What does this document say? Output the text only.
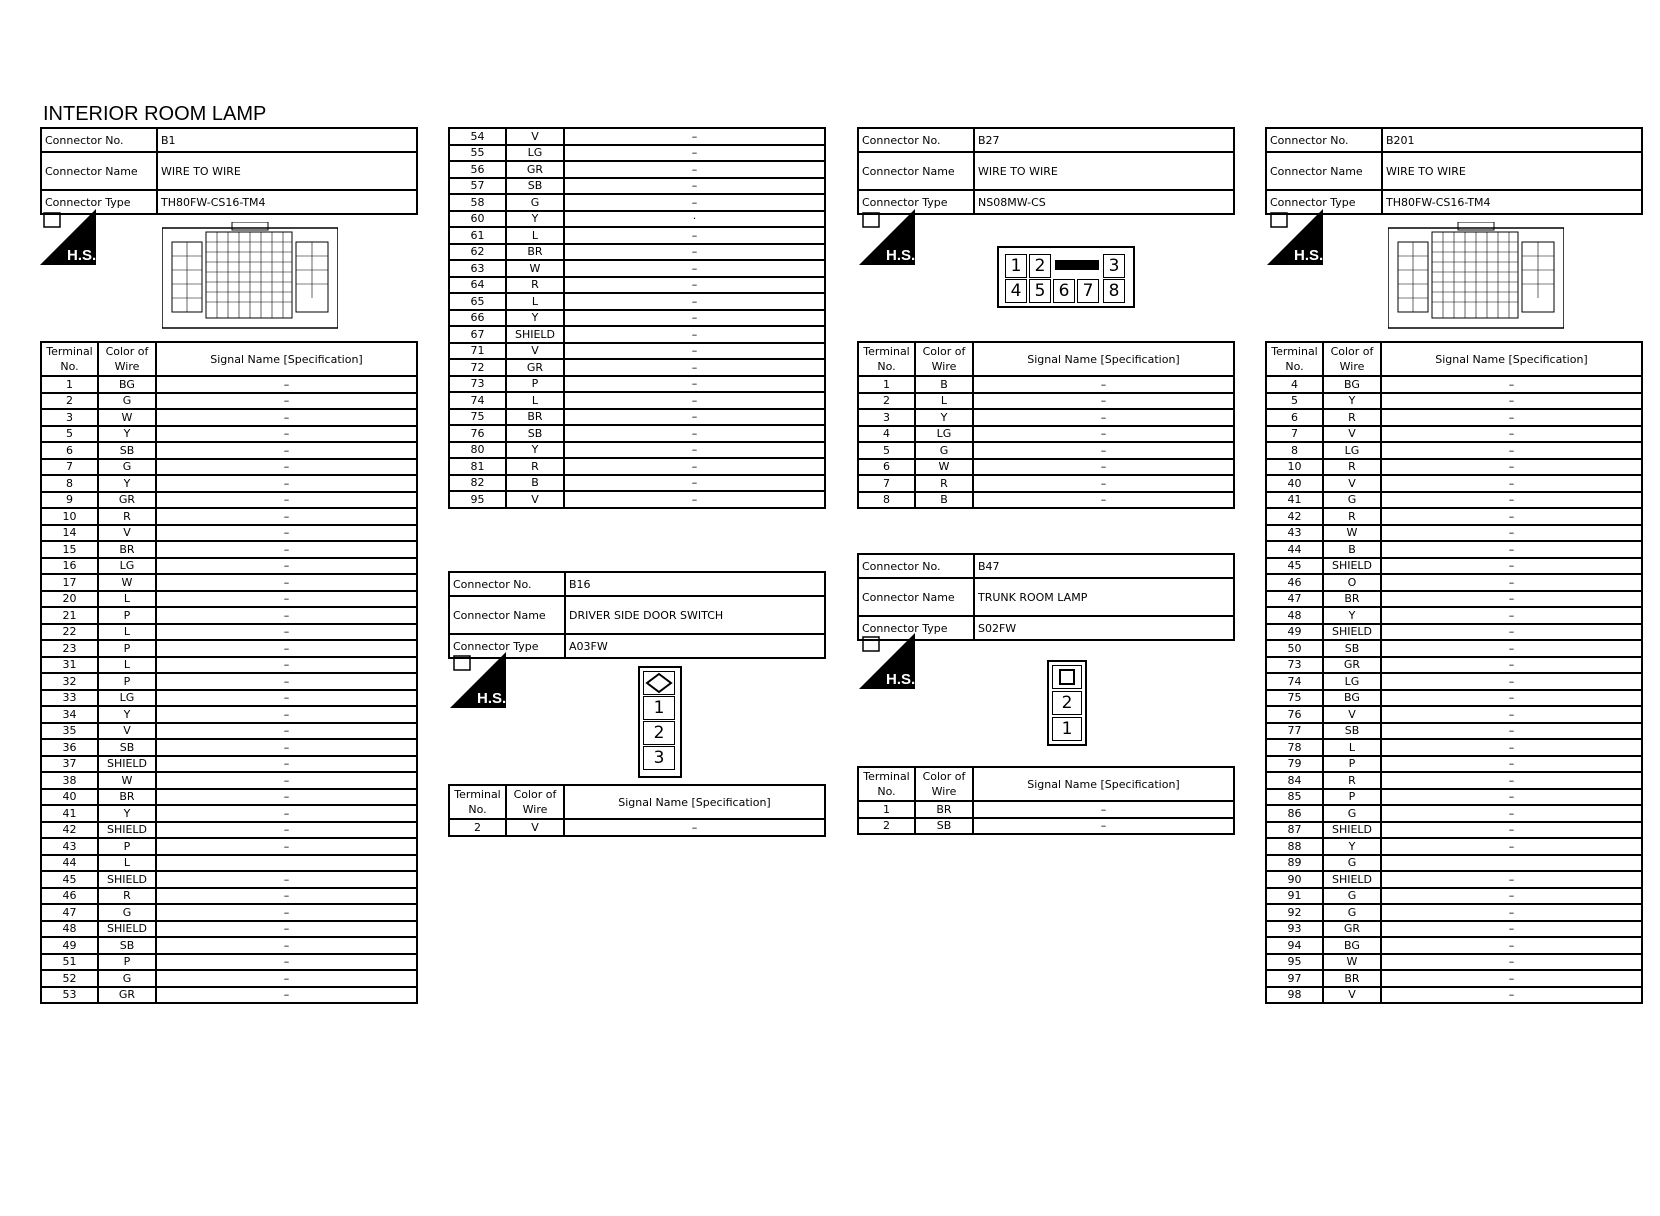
INTERIOR ROOM LAMP
Connector No.	B1
Connector Name	WIRE TO WIRE
Connector Type	TH80FW-CS16-TM4
H.S.
Terminal No.	Color of Wire	Signal Name [Specification]
1	BG	–
2	G	–
3	W	–
5	Y	–
6	SB	–
7	G	–
8	Y	–
9	GR	–
10	R	–
14	V	–
15	BR	–
16	LG	–
17	W	–
20	L	–
21	P	–
22	L	–
23	P	–
31	L	–
32	P	–
33	LG	–
34	Y	–
35	V	–
36	SB	–
37	SHIELD	–
38	W	–
40	BR	–
41	Y	–
42	SHIELD	–
43	P	–
44	L	
45	SHIELD	–
46	R	–
47	G	–
48	SHIELD	–
49	SB	–
51	P	–
52	G	–
53	GR	–
54	V	–
55	LG	–
56	GR	–
57	SB	–
58	G	–
60	Y	·
61	L	–
62	BR	–
63	W	–
64	R	–
65	L	–
66	Y	–
67	SHIELD	–
71	V	–
72	GR	–
73	P	–
74	L	–
75	BR	–
76	SB	–
80	Y	–
81	R	–
82	B	–
95	V	–
Connector No.	B16
Connector Name	DRIVER SIDE DOOR SWITCH
Connector Type	A03FW
H.S.	1
2
3
Terminal No.	Color of Wire	Signal Name [Specification]
2	V	–
Connector No.	B27
Connector Name	WIRE TO WIRE
Connector Type	NS08MW-CS
H.S.
1 2	3
4 5 6 7 8
Terminal No.	Color of Wire	Signal Name [Specification]
1	B	–
2	L	–
3	Y	–
4	LG	–
5	G	–
6	W	–
7	R	–
8	B	–
Connector No.	B47
Connector Name	TRUNK ROOM LAMP
Connector Type	S02FW
H.S.
2
1
Terminal No.	Color of Wire	Signal Name [Specification]
1	BR	–
2	SB	–
Connector No.	B201
Connector Name	WIRE TO WIRE
Connector Type	TH80FW-CS16-TM4
H.S.
Terminal No.	Color of Wire	Signal Name [Specification]
4	BG	–
5	Y	–
6	R	–
7	V	–
8	LG	–
10	R	–
40	V	–
41	G	–
42	R	–
43	W	–
44	B	–
45	SHIELD	–
46	O	–
47	BR	–
48	Y	–
49	SHIELD	–
50	SB	–
73	GR	–
74	LG	–
75	BG	–
76	V	–
77	SB	–
78	L	–
79	P	–
84	R	–
85	P	–
86	G	–
87	SHIELD	–
88	Y	–
89	G	
90	SHIELD	–
91	G	–
92	G	–
93	GR	–
94	BG	–
95	W	–
97	BR	–
98	V	–
